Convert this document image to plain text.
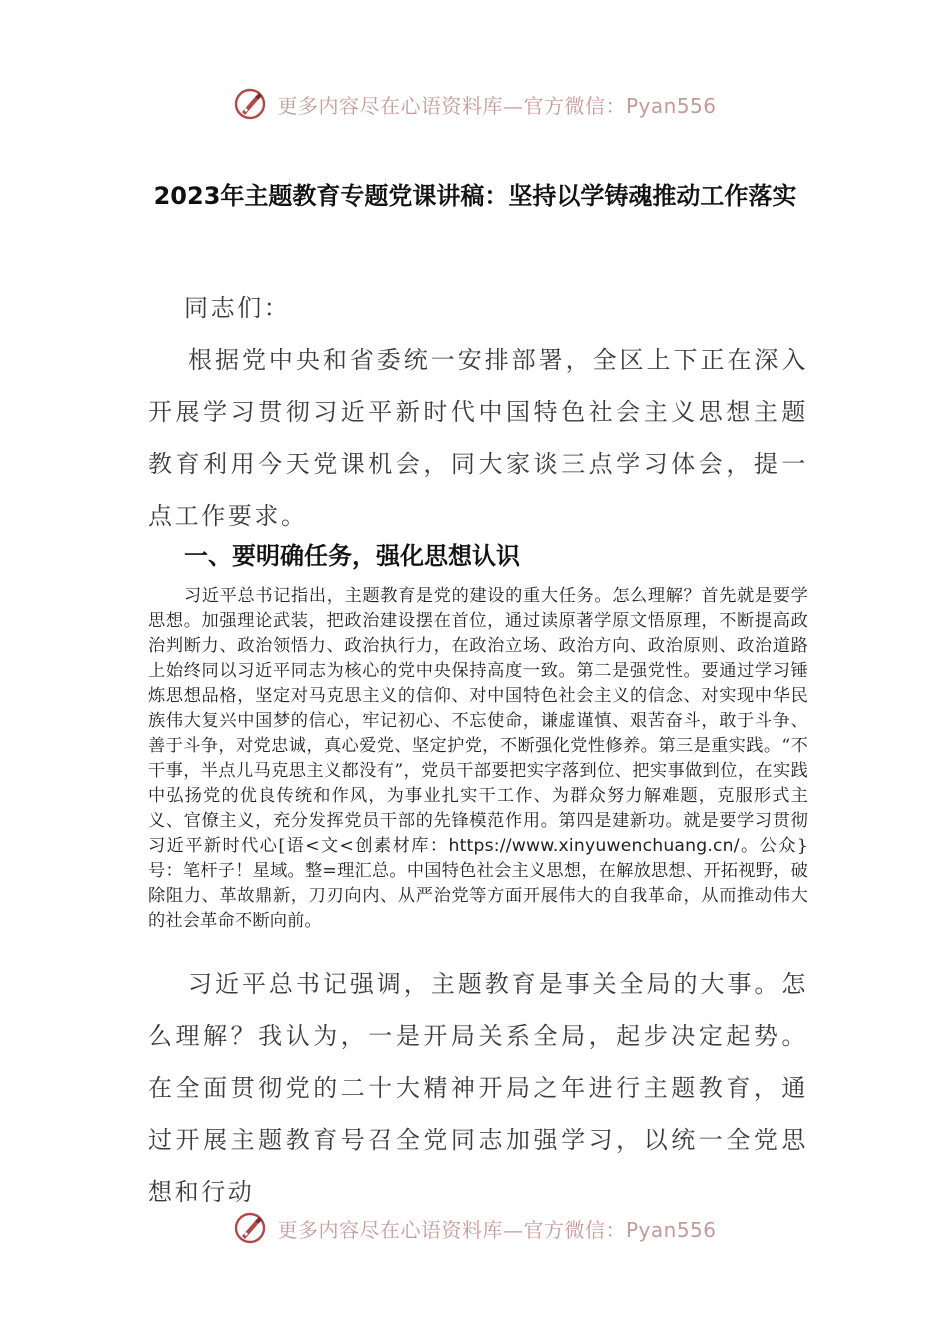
更多内容尽在心语资料库—官方微信：Pyan556
2023年主题教育专题党课讲稿：坚持以学铸魂推动工作落实
同志们：
根据党中央和省委统一安排部署，全区上下正在深入开展学习贯彻习近平新时代中国特色社会主义思想主题教育利用今天党课机会，同大家谈三点学习体会，提一点工作要求。
一、要明确任务，强化思想认识
习近平总书记指出，主题教育是党的建设的重大任务。怎么理解？首先就是要学思想。加强理论武装，把政治建设摆在首位，通过读原著学原文悟原理，不断提高政治判断力、政治领悟力、政治执行力，在政治立场、政治方向、政治原则、政治道路上始终同以习近平同志为核心的党中央保持高度一致。第二是强党性。要通过学习锤炼思想品格，坚定对马克思主义的信仰、对中国特色社会主义的信念、对实现中华民族伟大复兴中国梦的信心，牢记初心、不忘使命，谦虚谨慎、艰苦奋斗，敢于斗争、善于斗争，对党忠诚，真心爱党、坚定护党，不断强化党性修养。第三是重实践。“不干事，半点儿马克思主义都没有”，党员干部要把实字落到位、把实事做到位，在实践中弘扬党的优良传统和作风，为事业扎实干工作、为群众努力解难题，克服形式主义、官僚主义，充分发挥党员干部的先锋模范作用。第四是建新功。就是要学习贯彻习近平新时代心[语<文<创素材库：https://www.xinyuwenchuang.cn/。公众}号：笔杆子！星域。整=理汇总。中国特色社会主义思想，在解放思想、开拓视野，破除阻力、革故鼎新，刀刃向内、从严治党等方面开展伟大的自我革命，从而推动伟大的社会革命不断向前。
习近平总书记强调，主题教育是事关全局的大事。怎么理解？我认为，一是开局关系全局，起步决定起势。在全面贯彻党的二十大精神开局之年进行主题教育，通过开展主题教育号召全党同志加强学习，以统一全党思想和行动
更多内容尽在心语资料库—官方微信：Pyan556
